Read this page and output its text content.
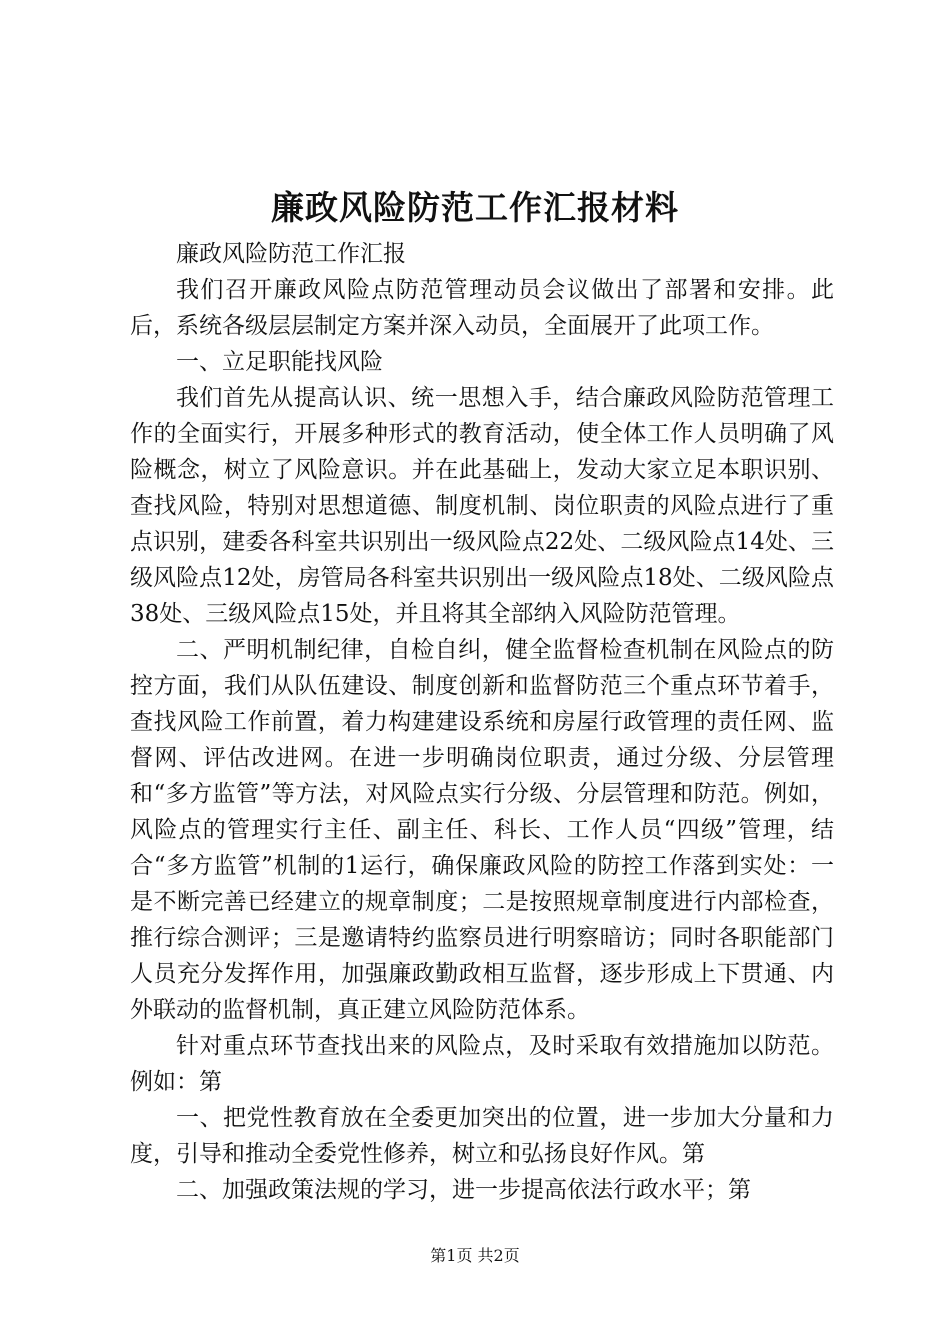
廉政风险防范工作汇报材料

廉政风险防范工作汇报

我们召开廉政风险点防范管理动员会议做出了部署和安排。此后，系统各级层层制定方案并深入动员，全面展开了此项工作。

一、立足职能找风险

我们首先从提高认识、统一思想入手，结合廉政风险防范管理工作的全面实行，开展多种形式的教育活动，使全体工作人员明确了风险概念，树立了风险意识。并在此基础上，发动大家立足本职识别、查找风险，特别对思想道德、制度机制、岗位职责的风险点进行了重点识别，建委各科室共识别出一级风险点22处、二级风险点14处、三级风险点12处，房管局各科室共识别出一级风险点18处、二级风险点38处、三级风险点15处，并且将其全部纳入风险防范管理。

二、严明机制纪律，自检自纠，健全监督检查机制在风险点的防控方面，我们从队伍建设、制度创新和监督防范三个重点环节着手，查找风险工作前置，着力构建建设系统和房屋行政管理的责任网、监督网、评估改进网。在进一步明确岗位职责，通过分级、分层管理和“多方监管”等方法，对风险点实行分级、分层管理和防范。例如，风险点的管理实行主任、副主任、科长、工作人员“四级”管理，结合“多方监管”机制的1运行，确保廉政风险的防控工作落到实处：一是不断完善已经建立的规章制度；二是按照规章制度进行内部检查，推行综合测评；三是邀请特约监察员进行明察暗访；同时各职能部门人员充分发挥作用，加强廉政勤政相互监督，逐步形成上下贯通、内外联动的监督机制，真正建立风险防范体系。

针对重点环节查找出来的风险点，及时采取有效措施加以防范。例如：第

一、把党性教育放在全委更加突出的位置，进一步加大分量和力度，引导和推动全委党性修养，树立和弘扬良好作风。第

二、加强政策法规的学习，进一步提高依法行政水平；第

第1页 共2页
